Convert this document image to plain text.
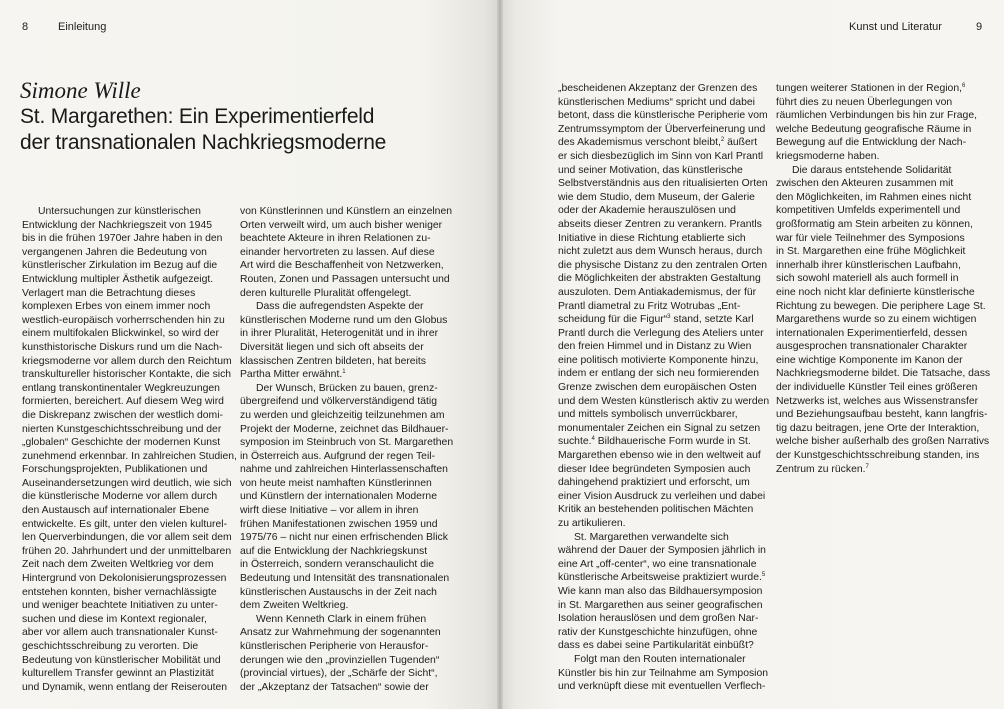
8	Einleitung
Simone Wille
St. Margarethen: Ein Experimentierfeld
der transnationalen Nachkriegsmoderne
Untersuchungen zur künstlerischen
Entwicklung der Nachkriegszeit von 1945
bis in die frühen 1970er Jahre haben in den
vergangenen Jahren die Bedeutung von
künstlerischer Zirkulation im Bezug auf die
Entwicklung multipler Ästhetik aufgezeigt.
Verlagert man die Betrachtung dieses
komplexen Erbes von einem immer noch
westlich-europäisch vorherrschenden hin zu
einem multifokalen Blickwinkel, so wird der
kunsthistorische Diskurs rund um die Nach-
kriegsmoderne vor allem durch den Reichtum
transkultureller historischer Kontakte, die sich
entlang transkontinentaler Wegkreuzungen
formierten, bereichert. Auf diesem Weg wird
die Diskrepanz zwischen der westlich domi-
nierten Kunstgeschichtsschreibung und der
„globalen“ Geschichte der modernen Kunst
zunehmend erkennbar. In zahlreichen Studien,
Forschungsprojekten, Publikationen und
Auseinandersetzungen wird deutlich, wie sich
die künstlerische Moderne vor allem durch
den Austausch auf internationaler Ebene
entwickelte. Es gilt, unter den vielen kulturel-
len Querverbindungen, die vor allem seit dem
frühen 20. Jahrhundert und der unmittelbaren
Zeit nach dem Zweiten Weltkrieg vor dem
Hintergrund von Dekolonisierungsprozessen
entstehen konnten, bisher vernachlässigte
und weniger beachtete Initiativen zu unter-
suchen und diese im Kontext regionaler,
aber vor allem auch transnationaler Kunst-
geschichtsschreibung zu verorten. Die
Bedeutung von künstlerischer Mobilität und
kulturellem Transfer gewinnt an Plastizität
und Dynamik, wenn entlang der Reiserouten
von Künstlerinnen und Künstlern an einzelnen
Orten verweilt wird, um auch bisher weniger
beachtete Akteure in ihren Relationen zu-
einander hervortreten zu lassen. Auf diese
Art wird die Beschaffenheit von Netzwerken,
Routen, Zonen und Passagen untersucht und
deren kulturelle Pluralität offengelegt.
Dass die aufregendsten Aspekte der
künstlerischen Moderne rund um den Globus
in ihrer Pluralität, Heterogenität und in ihrer
Diversität liegen und sich oft abseits der
klassischen Zentren bildeten, hat bereits
Partha Mitter erwähnt.$^1$
Der Wunsch, Brücken zu bauen, grenz-
übergreifend und völkerverständigend tätig
zu werden und gleichzeitig teilzunehmen am
Projekt der Moderne, zeichnet das Bildhauer-
symposion im Steinbruch von St. Margarethen
in Österreich aus. Aufgrund der regen Teil-
nahme und zahlreichen Hinterlassenschaften
von heute meist namhaften Künstlerinnen
und Künstlern der internationalen Moderne
wirft diese Initiative – vor allem in ihren
frühen Manifestationen zwischen 1959 und
1975/76 – nicht nur einen erfrischenden Blick
auf die Entwicklung der Nachkriegskunst
in Österreich, sondern veranschaulicht die
Bedeutung und Intensität des transnationalen
künstlerischen Austauschs in der Zeit nach
dem Zweiten Weltkrieg.
Wenn Kenneth Clark in einem frühen
Ansatz zur Wahrnehmung der sogenannten
künstlerischen Peripherie von Herausfor-
derungen wie den „provinziellen Tugenden“
(provincial virtues), der „Schärfe der Sicht“,
der „Akzeptanz der Tatsachen“ sowie der
Kunst und Literatur	9
„bescheidenen Akzeptanz der Grenzen des
künstlerischen Mediums“ spricht und dabei
betont, dass die künstlerische Peripherie vom
Zentrumssymptom der Überverfeinerung und
des Akademismus verschont bleibt,$^2$ äußert
er sich diesbezüglich im Sinn von Karl Prantl
und seiner Motivation, das künstlerische
Selbstverständnis aus den ritualisierten Orten
wie dem Studio, dem Museum, der Galerie
oder der Akademie herauszulösen und
abseits dieser Zentren zu verankern. Prantls
Initiative in diese Richtung etablierte sich
nicht zuletzt aus dem Wunsch heraus, durch
die physische Distanz zu den zentralen Orten
die Möglichkeiten der abstrakten Gestaltung
auszuloten. Dem Antiakademismus, der für
Prantl diametral zu Fritz Wotrubas „Ent-
scheidung für die Figur“$^3$ stand, setzte Karl
Prantl durch die Verlegung des Ateliers unter
den freien Himmel und in Distanz zu Wien
eine politisch motivierte Komponente hinzu,
indem er entlang der sich neu formierenden
Grenze zwischen dem europäischen Osten
und dem Westen künstlerisch aktiv zu werden
und mittels symbolisch unverrückbarer,
monumentaler Zeichen ein Signal zu setzen
suchte.$^4$ Bildhauerische Form wurde in St.
Margarethen ebenso wie in den weltweit auf
dieser Idee begründeten Symposien auch
dahingehend praktiziert und erforscht, um
einer Vision Ausdruck zu verleihen und dabei
Kritik an bestehenden politischen Mächten
zu artikulieren.
St. Margarethen verwandelte sich
während der Dauer der Symposien jährlich in
eine Art „off-center“, wo eine transnationale
künstlerische Arbeitsweise praktiziert wurde.$^5$
Wie kann man also das Bildhauersymposion
in St. Margarethen aus seiner geografischen
Isolation herauslösen und dem großen Nar-
rativ der Kunstgeschichte hinzufügen, ohne
dass es dabei seine Partikularität einbüßt?
Folgt man den Routen internationaler
Künstler bis hin zur Teilnahme am Symposion
und verknüpft diese mit eventuellen Verflech-
tungen weiterer Stationen in der Region,$^6$
führt dies zu neuen Überlegungen von
räumlichen Verbindungen bis hin zur Frage,
welche Bedeutung geografische Räume in
Bewegung auf die Entwicklung der Nach-
kriegsmoderne haben.
Die daraus entstehende Solidarität
zwischen den Akteuren zusammen mit
den Möglichkeiten, im Rahmen eines nicht
kompetitiven Umfelds experimentell und
großformatig am Stein arbeiten zu können,
war für viele Teilnehmer des Symposions
in St. Margarethen eine frühe Möglichkeit
innerhalb ihrer künstlerischen Laufbahn,
sich sowohl materiell als auch formell in
eine noch nicht klar definierte künstlerische
Richtung zu bewegen. Die periphere Lage St.
Margarethens wurde so zu einem wichtigen
internationalen Experimentierfeld, dessen
ausgesprochen transnationaler Charakter
eine wichtige Komponente im Kanon der
Nachkriegsmoderne bildet. Die Tatsache, dass
der individuelle Künstler Teil eines größeren
Netzwerks ist, welches aus Wissenstransfer
und Beziehungsaufbau besteht, kann langfris-
tig dazu beitragen, jene Orte der Interaktion,
welche bisher außerhalb des großen Narrativs
der Kunstgeschichtsschreibung standen, ins
Zentrum zu rücken.$^7$
